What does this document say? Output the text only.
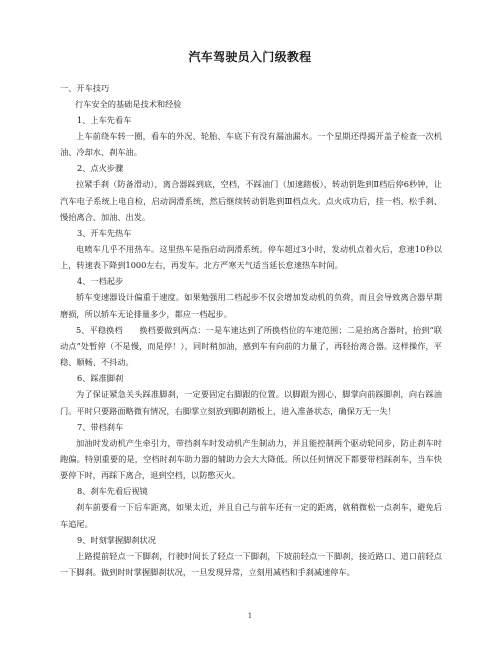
汽车驾驶员入门级教程
一、开车技巧
行车安全的基础是技术和经验
1、上车先看车

上车前绕车转一圈，看车的外况、轮胎、车底下有没有漏油漏水。一个星期还得揭开盖子检查一次机油、冷却水、刹车油。

2、点火步骤

拉紧手刹（防备滑动），离合器踩到底，空档，不踩油门（加速踏板），转动钥匙到Ⅱ档后停6秒钟，让汽车电子系统上电自检，启动润滑系统，然后继续转动钥匙到Ⅲ档点火。点火成功后，挂一档、松手刹、慢抬离合、加油、出发。

3、开车先热车

电喷车几乎不用热车。这里热车是指启动润滑系统。停车超过3小时，发动机点着火后，怠速10秒以上，转速表下降到1000左右，再发车。北方严寒天气适当延长怠速热车时间。

4、一档起步

轿车变速器设计偏重于速度。如果勉强用二档起步不仅会增加发动机的负荷，而且会导致离合器早期磨损，所以轿车无论排量多少，都应一档起步。

5、平稳换档　　换档要做到两点：一是车速达到了所换档位的车速范围；二是抬离合器时，抬到“联动点”处暂停（不是慢，而是停！），同时稍加油，感到车有向前的力量了，再轻抬离合器。这样操作，平稳、顺畅、不抖动。

6、踩准脚刹

为了保证紧急关头踩准脚刹，一定要固定右脚跟的位置。以脚跟为圆心，脚掌向前踩脚刹，向右踩油门。平时只要路面略微有情况，右脚掌立刻放到脚刹踏板上，进入准备状态，确保万无一失！

7、带档刹车

加油时发动机产生牵引力，带挡刹车时发动机产生制动力，并且能控制两个驱动轮同步，防止刹车时跑偏。特别重要的是，空档时刹车助力器的辅助力会大大降低。所以任何情况下都要带档踩刹车，当车快要停下时，再踩下离合，退到空档，以防憋灭火。

8、刹车先看后视镜

刹车前要看一下后车距离，如果太近，并且自己与前车还有一定的距离，就稍微松一点刹车，避免后车追尾。

9、时刻掌握脚刹状况

上路提前轻点一下脚刹，行驶时间长了轻点一下脚刹，下坡前轻点一下脚刹，接近路口、道口前轻点一下脚刹。做到时时掌握脚刹状况，一旦发现异常，立刻用减档和手刹减速停车。

1
